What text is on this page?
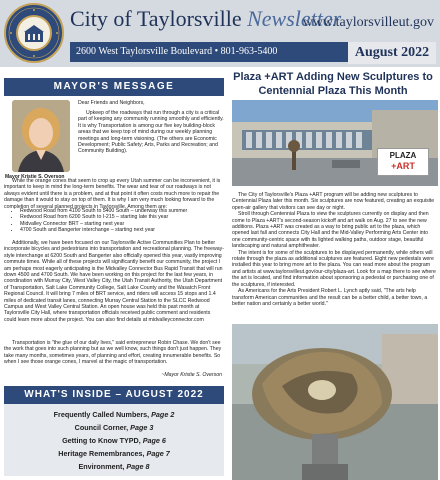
City of Taylorsville Newsletter
www.taylorsvilleut.gov
2600 West Taylorsville Boulevard • 801-963-5400	August 2022
MAYOR'S MESSAGE
Mayor Kristie S. Overson

Dear Friends and Neighbors,

Upkeep of the roadways that run through a city is a critical part of keeping any community running smoothly and efficiently. It is why Transportation is among our five key building-block areas that we keep top of mind during our weekly planning meetings and long-term visioning. (The others are Economic Development; Public Safety; Arts, Parks and Recreation; and Community Building).

While the orange cones that seem to crop up every Utah summer can be inconvenient, it is important to keep in mind the long-term benefits. The wear and tear of our roadways is not always evident until there is a problem, and at that point it often costs much more to repair the damage than it would to stay on top of them. It is why I am very much looking forward to the completion of several planned projects in Taylorsville. Among them are:

• Redwood Road from 4100 South to 5400 South – underway this summer
• Redwood Road from 6200 South to I-215 – starting late this year
• Midvalley Connector BRT – starting next year
• 4700 South and Bangerter interchange – starting next year

Additionally, we have been focused on our Taylorsville Active Communities Plan to better incorporate bicycles and pedestrians into transportation and recreational planning. The freeway-style interchange at 6200 South and Bangerter also officially opened this year, vastly improving commute times. While all of these projects will significantly benefit our community, the project I am perhaps most eagerly anticipating is the Midvalley Connector Bus Rapid Transit that will run down 4500 and 4700 South. We have been working on this project for the last few years, in coordination with Murray City, West Valley City, the Utah Transit Authority, the Utah Department of Transportation, Salt Lake Community College, Salt Lake County and the Wasatch Front Regional Council. It will bring 7 miles of BRT service, and riders will access 15 stops and 1.4 miles of dedicated transit lanes, connecting Murray Central Station to the SLCC Redwood Campus and West Valley Central Station. An open house was held this past month at Taylorsville City Hall, where transportation officials received public comment and residents could learn more about the project. You can also find details at midvalleyconnector.com

Transportation is "the glue of our daily lives," said entrepreneur Robin Chase. We don't see the work that goes into such planning but as we well know, such things don't just happen. They take many months, sometimes years, of planning and effort, creating innumerable benefits. So when I see those orange cones, I marvel at the magic of transportation.

~Mayor Kristie S. Overson
WHAT'S INSIDE – AUGUST 2022
Frequently Called Numbers, Page 2
Council Corner, Page 3
Getting to Know TYPD, Page 6
Heritage Remembrances, Page 7
Environment, Page 8
Plaza +ART Adding New Sculptures to Centennial Plaza This Month
PLAZA
+ART

The City of Taylorsville's Plaza +ART program will be adding new sculptures to Centennial Plaza later this month. Six sculptures are now featured, creating an exquisite open-air gallery that visitors can see day or night.

Stroll through Centennial Plaza to view the sculptures currently on display and then come to Plaza +ART's second-season kickoff and art walk on Aug. 27 to see the new additions. Plaza +ART was created as a way to bring public art to the plaza, which opened last fall and connects City Hall and the Mid-Valley Performing Arts Center into one community-centric space with its lighted walking paths, outdoor stage, beautiful landscaping and natural amphitheater.

The intent is for some of the sculptures to be displayed permanently, while others will rotate through the plaza as additional sculptures are featured. Eight new pedestals were installed this year to bring more art to the plaza. You can read more about the program and artists at www.taylorsvilleut.gov/our-city/plaza-art. Look for a map there to see where the art is located, and find information about sponsoring a pedestal or purchasing one of the sculptures, if interested.

As Americans for the Arts President Robert L. Lynch aptly said, "The arts help transform American communities and the result can be a better child, a better town, a better nation and certainly a better world."
